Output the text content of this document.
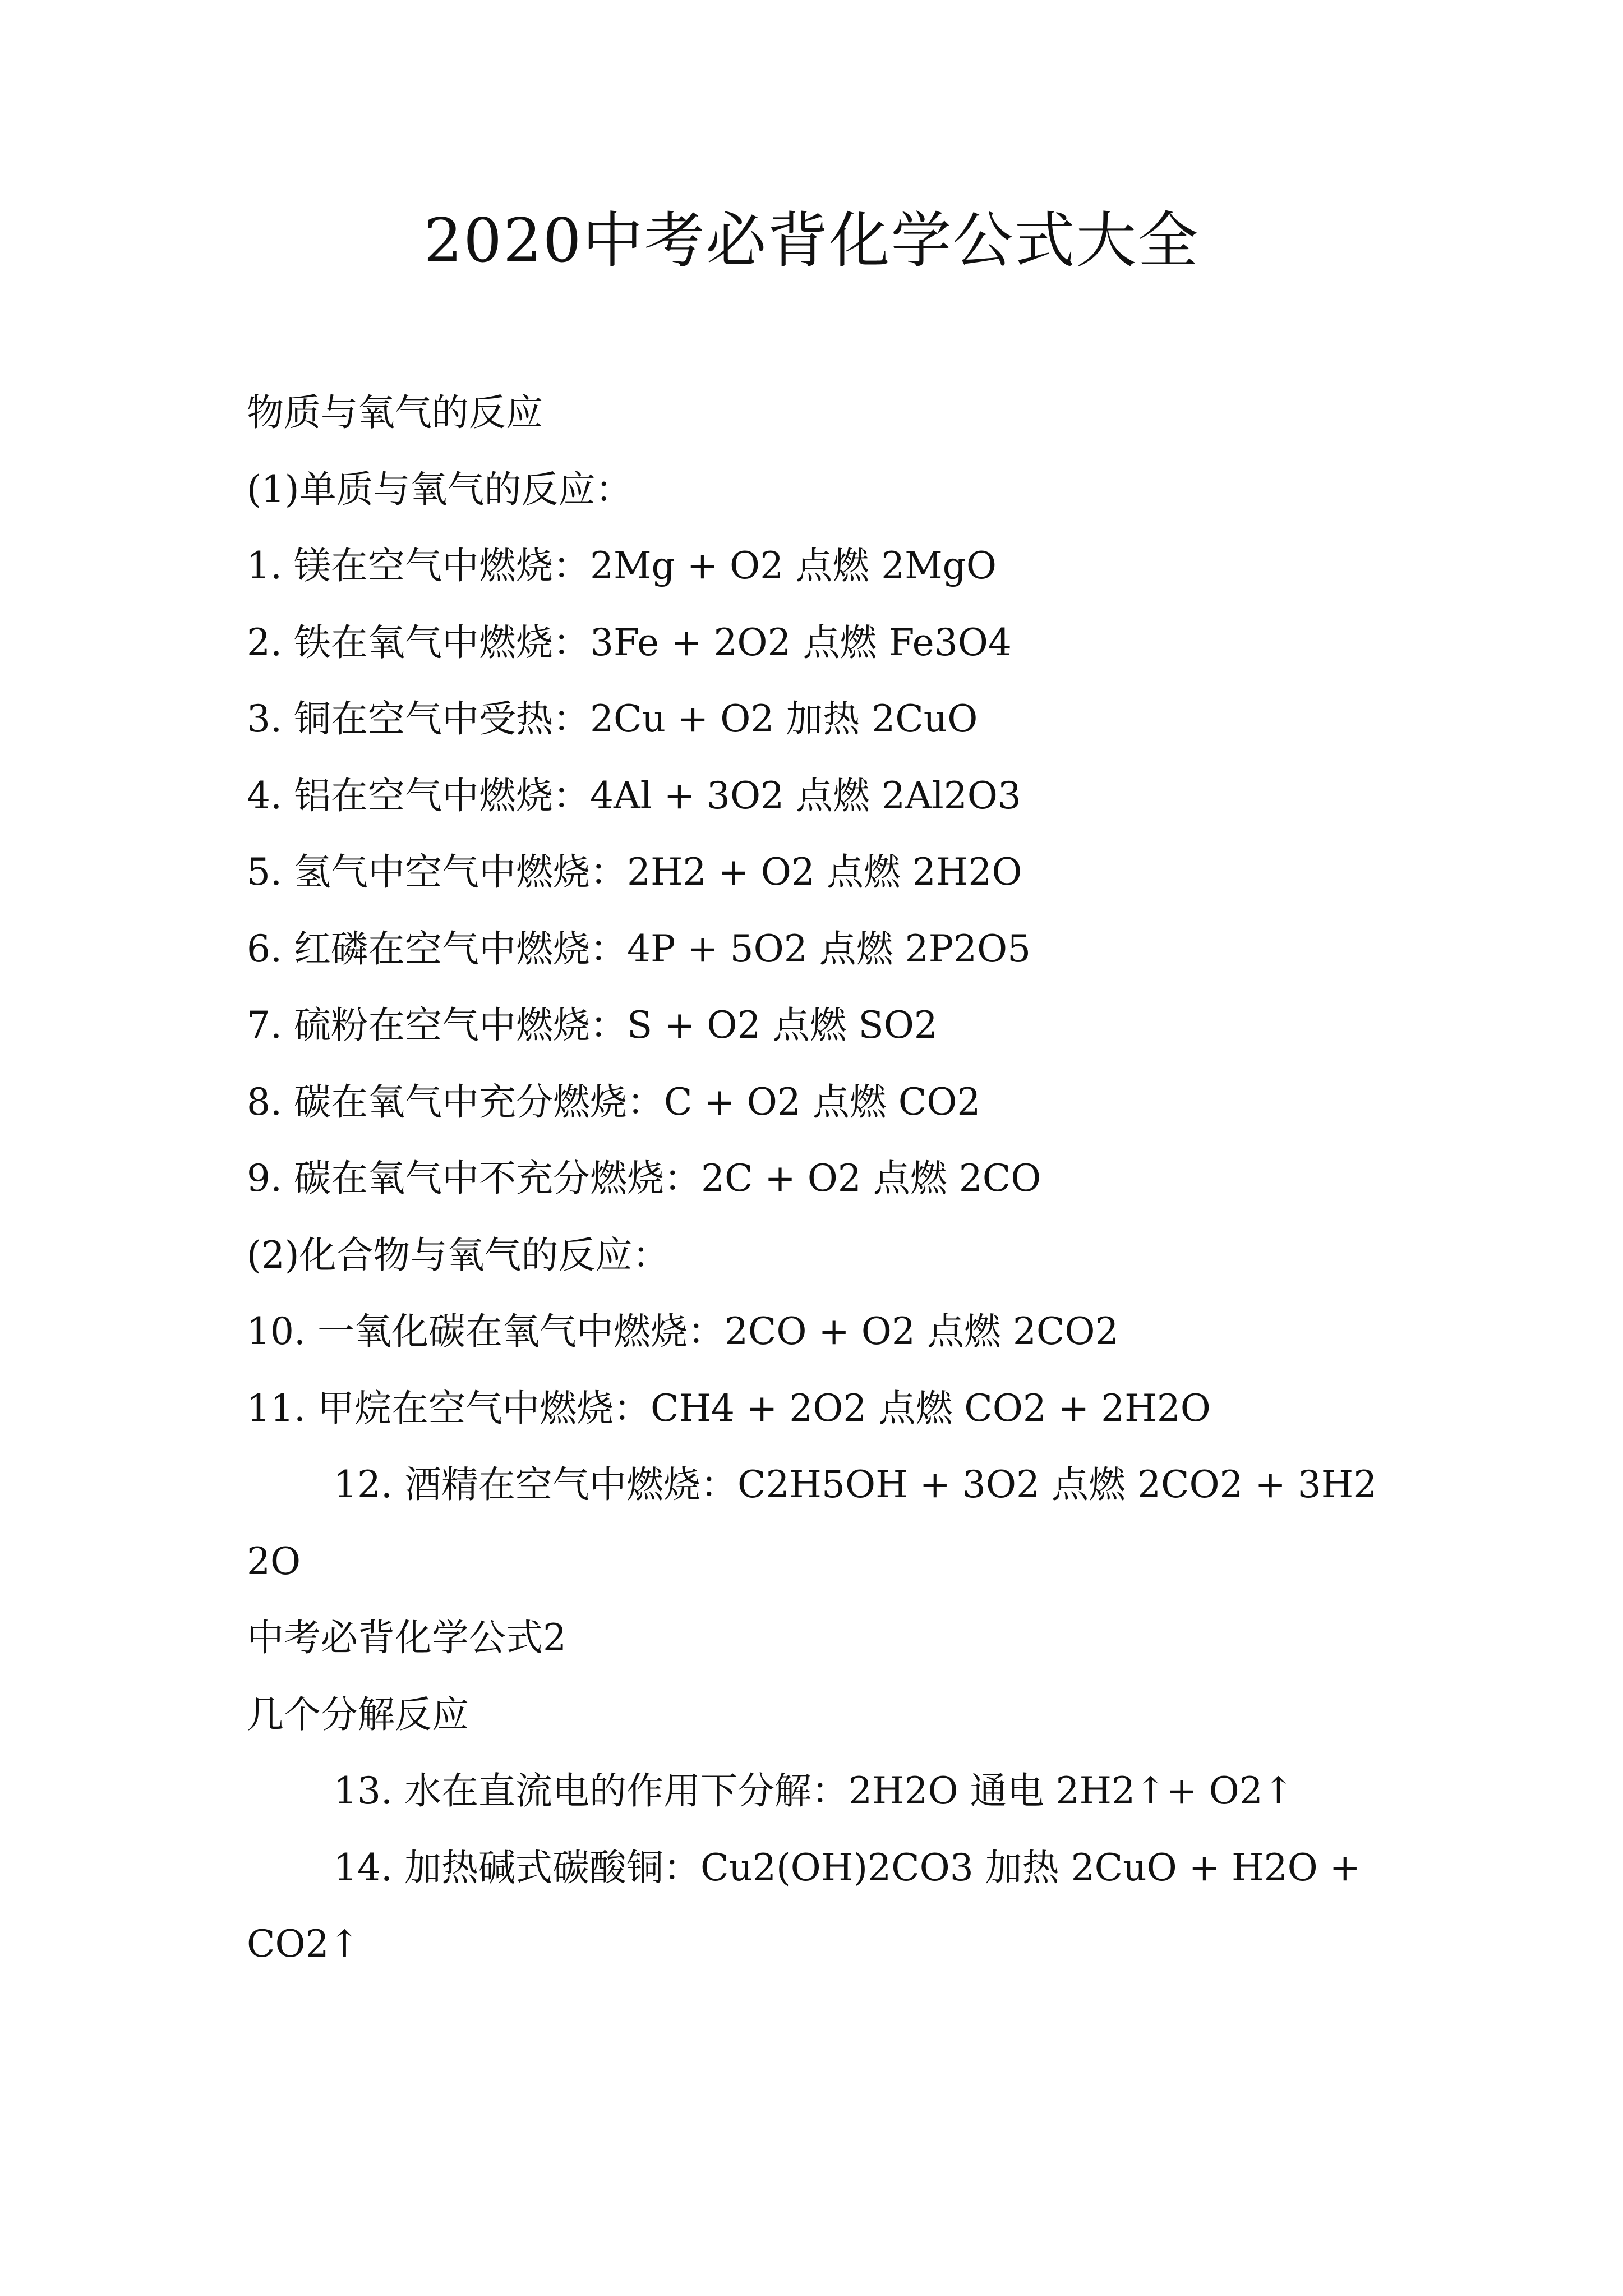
2020中考必背化学公式大全
物质与氧气的反应
(1)单质与氧气的反应：
1. 镁在空气中燃烧：2Mg + O2 点燃 2MgO
2. 铁在氧气中燃烧：3Fe + 2O2 点燃 Fe3O4
3. 铜在空气中受热：2Cu + O2 加热 2CuO
4. 铝在空气中燃烧：4Al + 3O2 点燃 2Al2O3
5. 氢气中空气中燃烧：2H2 + O2 点燃 2H2O
6. 红磷在空气中燃烧：4P + 5O2 点燃 2P2O5
7. 硫粉在空气中燃烧：S + O2 点燃 SO2
8. 碳在氧气中充分燃烧：C + O2 点燃 CO2
9. 碳在氧气中不充分燃烧：2C + O2 点燃 2CO
(2)化合物与氧气的反应：
10. 一氧化碳在氧气中燃烧：2CO + O2 点燃 2CO2
11. 甲烷在空气中燃烧：CH4 + 2O2 点燃 CO2 + 2H2O
12. 酒精在空气中燃烧：C2H5OH + 3O2 点燃 2CO2 + 3H22O
中考必背化学公式2
几个分解反应
13. 水在直流电的作用下分解：2H2O 通电 2H2↑+ O2↑
14. 加热碱式碳酸铜：Cu2(OH)2CO3 加热 2CuO + H2O + CO2↑
